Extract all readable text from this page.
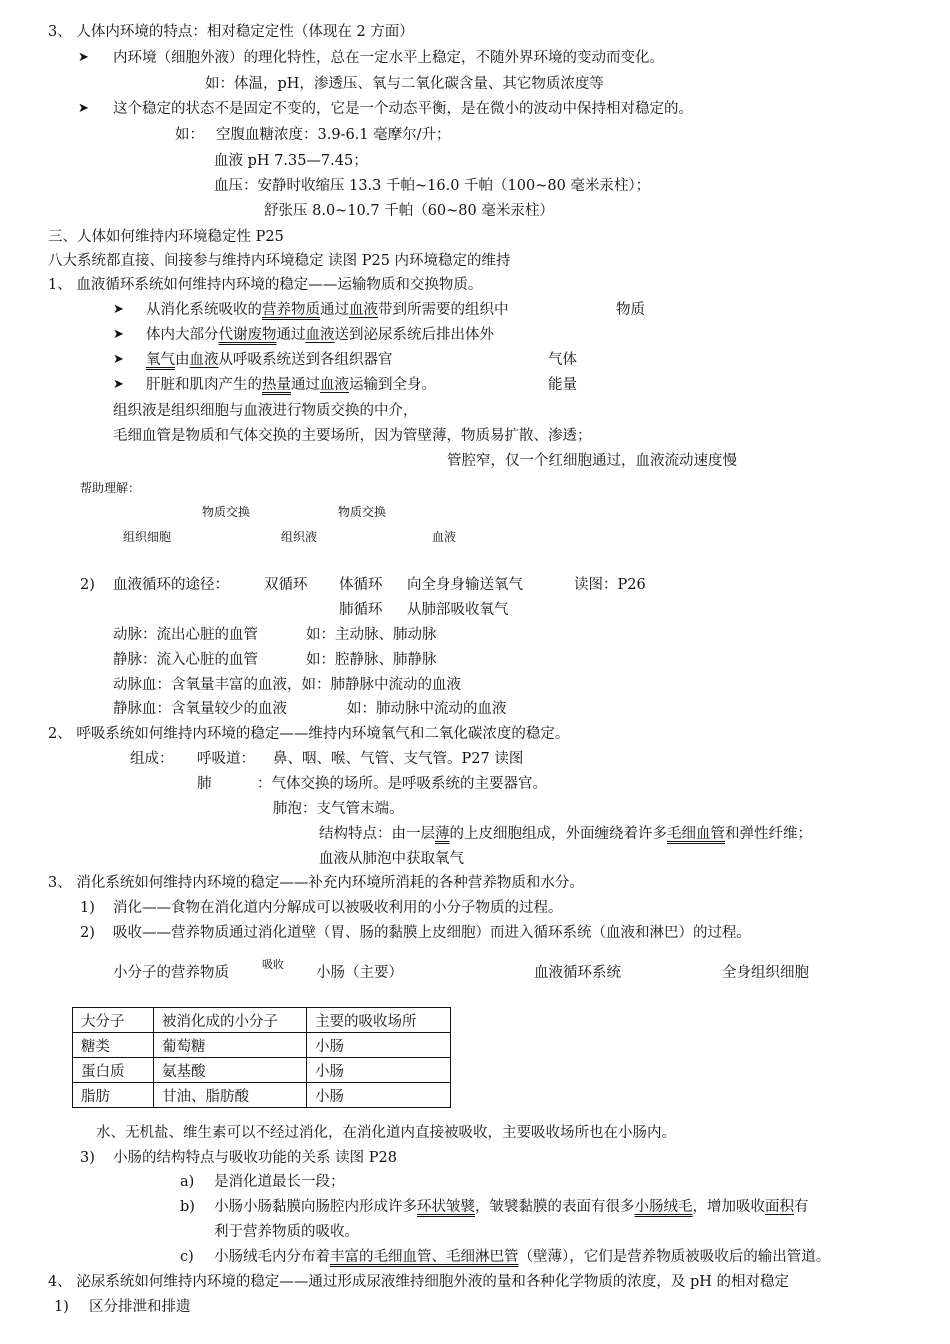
3、 人体内环境的特点：相对稳定定性（体现在 2 方面）
➤ 内环境（细胞外液）的理化特性，总在一定水平上稳定，不随外界环境的变动而变化。
如：体温，pH，渗透压、氧与二氧化碳含量、其它物质浓度等
➤ 这个稳定的状态不是固定不变的，它是一个动态平衡，是在微小的波动中保持相对稳定的。
如： 空腹血糖浓度：3.9-6.1 毫摩尔/升；
血液 pH 7.35—7.45；
血压：安静时收缩压 13.3 千帕~16.0 千帕（100~80 毫米汞柱）；
舒张压 8.0~10.7 千帕（60~80 毫米汞柱）
三、人体如何维持内环境稳定性 P25
八大系统都直接、间接参与维持内环境稳定 读图 P25 内环境稳定的维持
1、 血液循环系统如何维持内环境的稳定——运输物质和交换物质。
➤ 从消化系统吸收的营养物质通过血液带到所需要的组织中	物质
➤ 体内大部分代谢废物通过血液送到泌尿系统后排出体外
➤ 氧气由血液从呼吸系统送到各组织器官	气体
➤ 肝脏和肌肉产生的热量通过血液运输到全身。	能量
组织液是组织细胞与血液进行物质交换的中介，
毛细血管是物质和气体交换的主要场所，因为管壁薄，物质易扩散、渗透；
管腔窄，仅一个红细胞通过，血液流动速度慢
帮助理解：
物质交换	物质交换
组织细胞	组织液	血液
2) 血液循环的途径： 双循环 体循环 向全身身输送氧气	读图：P26
肺循环 从肺部吸收氧气
动脉：流出心脏的血管	如：主动脉、肺动脉
静脉：流入心脏的血管	如：腔静脉、肺静脉
动脉血：含氧量丰富的血液，如：肺静脉中流动的血液
静脉血：含氧量较少的血液	如：肺动脉中流动的血液
2、 呼吸系统如何维持内环境的稳定——维持内环境氧气和二氧化碳浓度的稳定。
组成： 呼吸道： 鼻、咽、喉、气管、支气管。P27 读图
肺	：气体交换的场所。是呼吸系统的主要器官。
肺泡：支气管末端。
结构特点：由一层薄的上皮细胞组成，外面缠绕着许多毛细血管和弹性纤维；
血液从肺泡中获取氧气
3、 消化系统如何维持内环境的稳定——补充内环境所消耗的各种营养物质和水分。
1) 消化——食物在消化道内分解成可以被吸收利用的小分子物质的过程。
2) 吸收——营养物质通过消化道壁（胃、肠的黏膜上皮细胞）而进入循环系统（血液和淋巴）的过程。
小分子的营养物质
吸收
小肠（主要）	血液循环系统	全身组织细胞
大分子	被消化成的小分子	主要的吸收场所
糖类	葡萄糖	小肠
蛋白质	氨基酸	小肠
脂肪	甘油、脂肪酸	小肠
水、无机盐、维生素可以不经过消化，在消化道内直接被吸收，主要吸收场所也在小肠内。
3) 小肠的结构特点与吸收功能的关系 读图 P28
a) 是消化道最长一段；
b) 小肠小肠黏膜向肠腔内形成许多环状皱襞，皱襞黏膜的表面有很多小肠绒毛，增加吸收面积有
利于营养物质的吸收。
c) 小肠绒毛内分布着丰富的毛细血管、毛细淋巴管（壁薄），它们是营养物质被吸收后的输出管道。
4、 泌尿系统如何维持内环境的稳定——通过形成尿液维持细胞外液的量和各种化学物质的浓度，及 pH 的相对稳定
1) 区分排泄和排遗
